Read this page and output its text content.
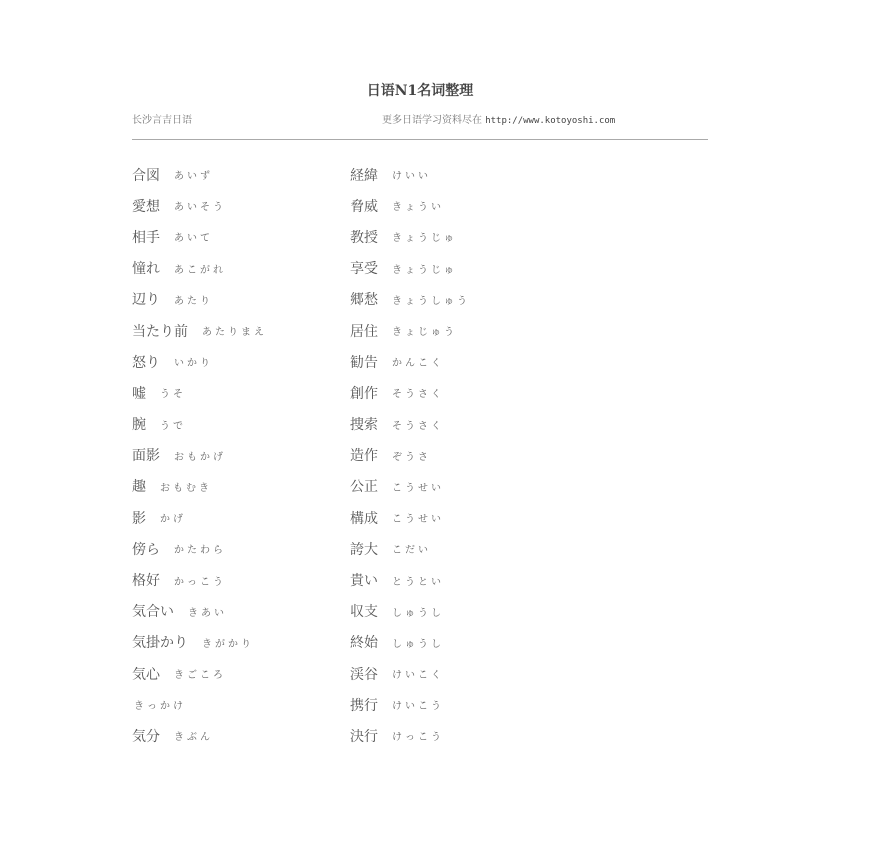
日语N1名词整理
长沙言吉日语	更多日语学习资料尽在 http://www.kotoyoshi.com
合図 あいず
愛想 あいそう
相手 あいて
憧れ あこがれ
辺り あたり
当たり前 あたりまえ
怒り いかり
嘘 うそ
腕 うで
面影 おもかげ
趣 おもむき
影 かげ
傍ら かたわら
格好 かっこう
気合い きあい
気掛かり きがかり
気心 きごころ
きっかけ
気分 きぶん
経緯 けいい
脅威 きょうい
教授 きょうじゅ
享受 きょうじゅ
郷愁 きょうしゅう
居住 きょじゅう
勧告 かんこく
創作 そうさく
捜索 そうさく
造作 ぞうさ
公正 こうせい
構成 こうせい
誇大 こだい
貴い とうとい
収支 しゅうし
終始 しゅうし
渓谷 けいこく
携行 けいこう
決行 けっこう
